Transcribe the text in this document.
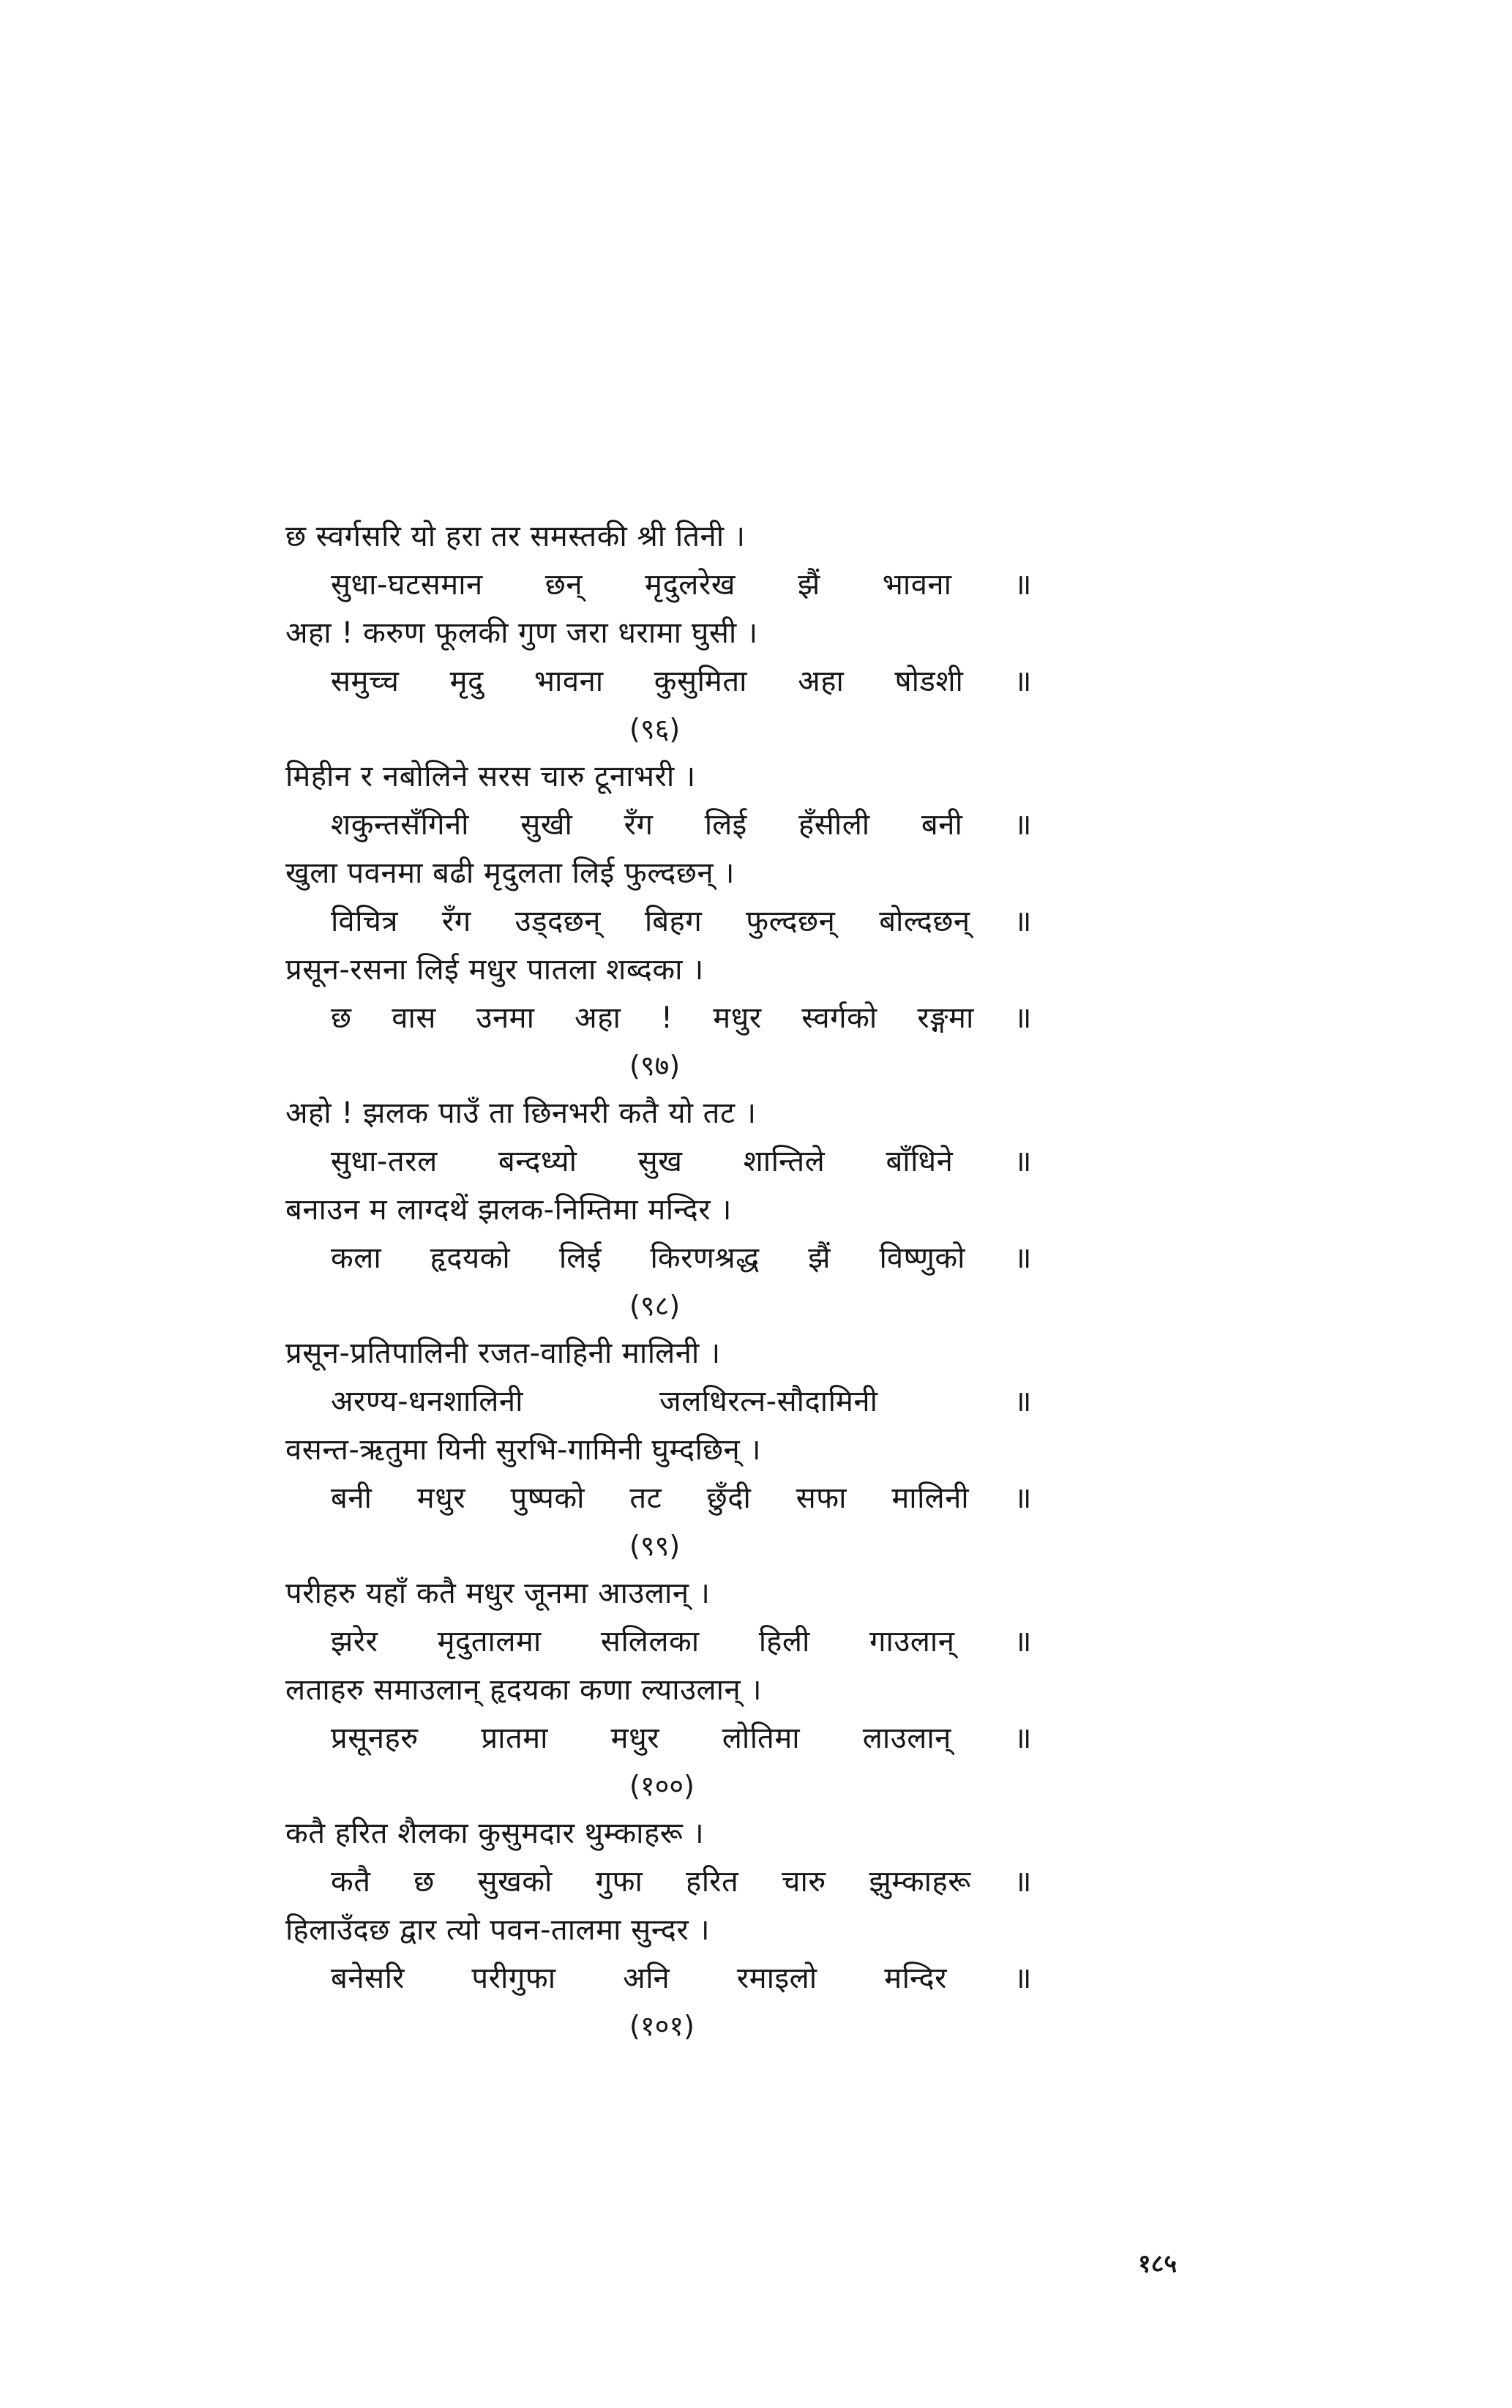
छ स्वर्गसरि यो हरा तर समस्तकी श्री तिनी ।
सुधा-घटसमान छन् मृदुलरेख झैं भावना ॥
अहा ! करुण फूलकी गुण जरा धरामा घुसी ।
समुच्च मृदु भावना कुसुमिता अहा षोडशी ॥
(९६)
मिहीन र नबोलिने सरस चारु टूनाभरी ।
शकुन्तसँगिनी सुखी रँग लिई हँसीली बनी ॥
खुला पवनमा बढी मृदुलता लिई फुल्दछन् ।
विचित्र रँग उड्दछन् बिहग फुल्दछन् बोल्दछन् ॥
प्रसून-रसना लिई मधुर पातला शब्दका ।
छ वास उनमा अहा ! मधुर स्वर्गको रङ्गमा ॥
(९७)
अहो ! झलक पाउँ ता छिनभरी कतै यो तट ।
सुधा-तरल बन्दध्यो सुख शान्तिले बाँधिने ॥
बनाउन म लाग्दथें झलक-निम्तिमा मन्दिर ।
कला हृदयको लिई किरणश्रद्ध झैं विष्णुको ॥
(९८)
प्रसून-प्रतिपालिनी रजत-वाहिनी मालिनी ।
अरण्य-धनशालिनी जलधिरत्न-सौदामिनी ॥
वसन्त-ऋतुमा यिनी सुरभि-गामिनी घुम्दछिन् ।
बनी मधुर पुष्पको तट छुँदी सफा मालिनी ॥
(९९)
परीहरु यहाँ कतै मधुर जूनमा आउलान् ।
झरेर मृदुतालमा सलिलका हिली गाउलान् ॥
लताहरु समाउलान् हृदयका कणा ल्याउलान् ।
प्रसूनहरु प्रातमा मधुर लोतिमा लाउलान् ॥
(१००)
कतै हरित शैलका कुसुमदार थुम्काहरू ।
कतै छ सुखको गुफा हरित चारु झुम्काहरू ॥
हिलाउँदछ द्वार त्यो पवन-तालमा सुन्दर ।
बनेसरि परीगुफा अनि रमाइलो मन्दिर ॥
(१०१)
१८५
